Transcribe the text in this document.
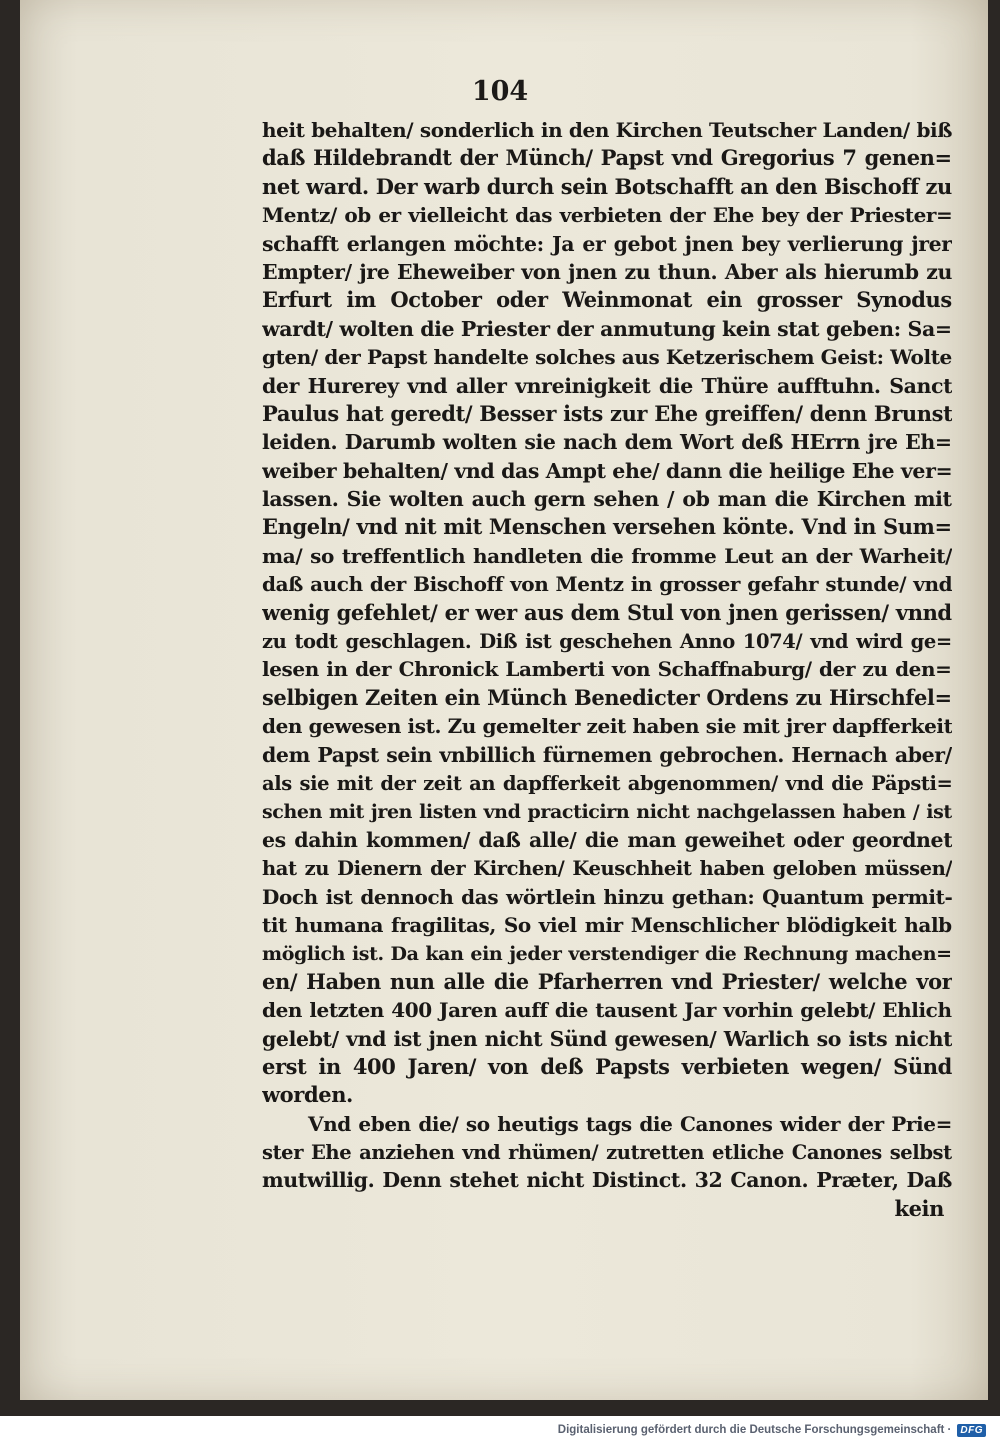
104
heit behalten/ sonderlich in den Kirchen Teutscher Landen/ biß
daß Hildebrandt der Münch/ Papst vnd Gregorius 7 genen=
net ward. Der warb durch sein Botschafft an den Bischoff zu
Mentz/ ob er vielleicht das verbieten der Ehe bey der Priester=
schafft erlangen möchte: Ja er gebot jnen bey verlierung jrer
Empter/ jre Eheweiber von jnen zu thun. Aber als hierumb zu
Erfurt im October oder Weinmonat ein grosser Synodus
wardt/ wolten die Priester der anmutung kein stat geben: Sa=
gten/ der Papst handelte solches aus Ketzerischem Geist: Wolte
der Hurerey vnd aller vnreinigkeit die Thüre aufftuhn. Sanct
Paulus hat geredt/ Besser ists zur Ehe greiffen/ denn Brunst
leiden. Darumb wolten sie nach dem Wort deß HErrn jre Eh=
weiber behalten/ vnd das Ampt ehe/ dann die heilige Ehe ver=
lassen. Sie wolten auch gern sehen / ob man die Kirchen mit
Engeln/ vnd nit mit Menschen versehen könte. Vnd in Sum=
ma/ so treffentlich handleten die fromme Leut an der Warheit/
daß auch der Bischoff von Mentz in grosser gefahr stunde/ vnd
wenig gefehlet/ er wer aus dem Stul von jnen gerissen/ vnnd
zu todt geschlagen. Diß ist geschehen Anno 1074/ vnd wird ge=
lesen in der Chronick Lamberti von Schaffnaburg/ der zu den=
selbigen Zeiten ein Münch Benedicter Ordens zu Hirschfel=
den gewesen ist. Zu gemelter zeit haben sie mit jrer dapfferkeit
dem Papst sein vnbillich fürnemen gebrochen. Hernach aber/
als sie mit der zeit an dapfferkeit abgenommen/ vnd die Päpsti=
schen mit jren listen vnd practicirn nicht nachgelassen haben / ist
es dahin kommen/ daß alle/ die man geweihet oder geordnet
hat zu Dienern der Kirchen/ Keuschheit haben geloben müssen/
Doch ist dennoch das wörtlein hinzu gethan: Quantum permit-
tit humana fragilitas, So viel mir Menschlicher blödigkeit halb
möglich ist. Da kan ein jeder verstendiger die Rechnung machen=
en/ Haben nun alle die Pfarherren vnd Priester/ welche vor
den letzten 400 Jaren auff die tausent Jar vorhin gelebt/ Ehlich
gelebt/ vnd ist jnen nicht Sünd gewesen/ Warlich so ists nicht
erst in 400 Jaren/ von deß Papsts verbieten wegen/ Sünd
worden.
Vnd eben die/ so heutigs tags die Canones wider der Prie=
ster Ehe anziehen vnd rhümen/ zutretten etliche Canones selbst
mutwillig. Denn stehet nicht Distinct. 32 Canon. Præter, Daß
kein
Digitalisierung gefördert durch die Deutsche Forschungsgemeinschaft · DFG
